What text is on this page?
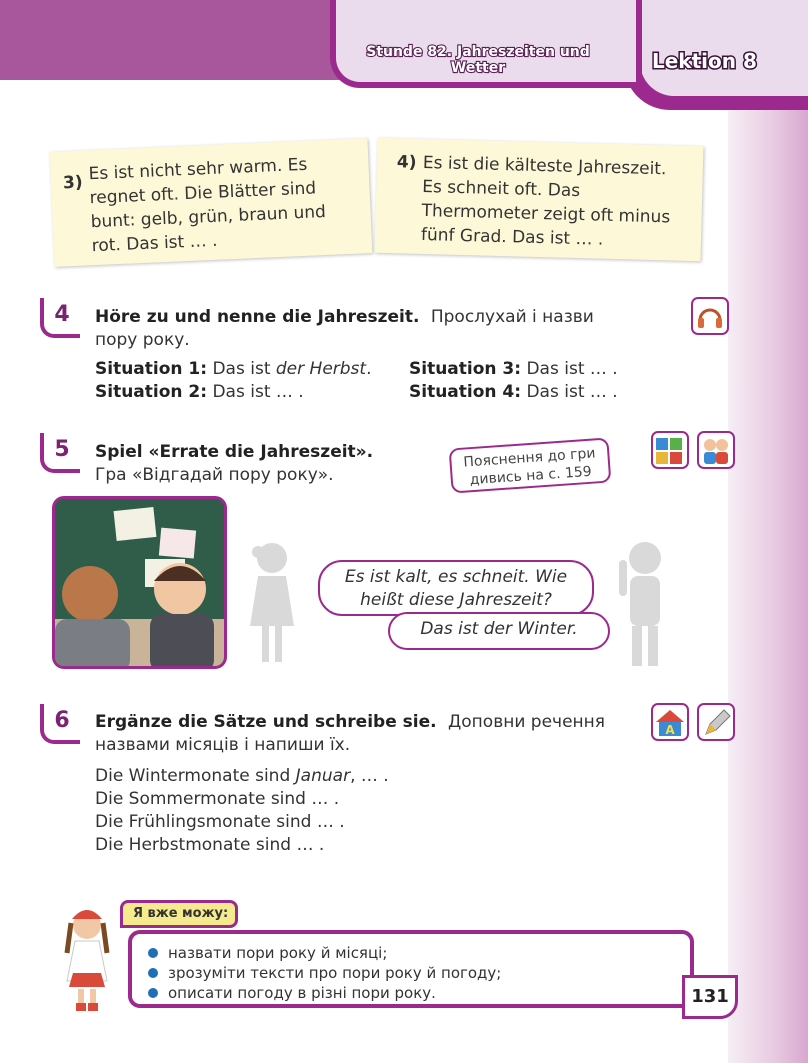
Lektion 8
Stunde 82. Jahreszeiten und Wetter
3) Es ist nicht sehr warm. Es regnet oft. Die Blätter sind bunt: gelb, grün, braun und rot. Das ist … .
4) Es ist die kälteste Jahreszeit. Es schneit oft. Das Thermometer zeigt oft minus fünf Grad. Das ist … .
4	Höre zu und nenne die Jahreszeit. Прослухай і назви
пору року.
Situation 1: Das ist der Herbst.
Situation 2: Das ist … .
Situation 3: Das ist … .
Situation 4: Das ist … .
5	Spiel «Errate die Jahreszeit».
Гра «Відгадай пору року».
Пояснення до гри
дивись на с. 159
Es ist kalt, es schneit. Wie
heißt diese Jahreszeit?
Das ist der Winter.
6	Ergänze die Sätze und schreibe sie. Доповни речення
назвами місяців і напиши їх.
A
Die Wintermonate sind Januar, … .
Die Sommermonate sind … .
Die Frühlingsmonate sind … .
Die Herbstmonate sind … .
Я вже можу:
назвати пори року й місяці;
зрозуміти тексти про пори року й погоду;
описати погоду в різні пори року.	131
